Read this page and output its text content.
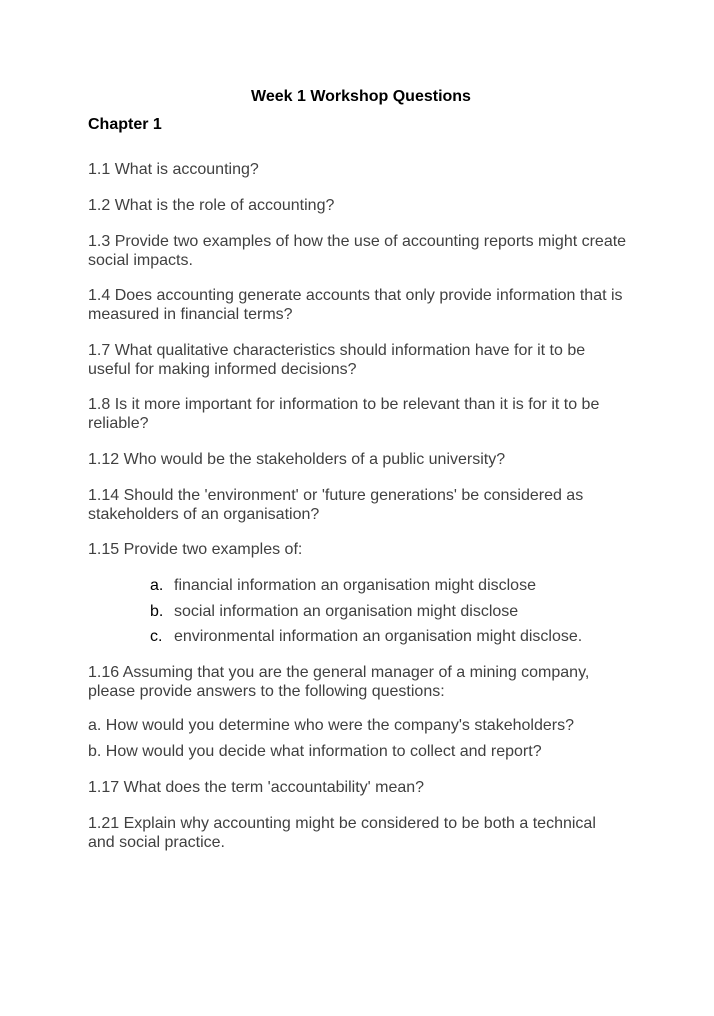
Week 1 Workshop Questions
Chapter 1

1.1 What is accounting?

1.2 What is the role of accounting?

1.3 Provide two examples of how the use of accounting reports might create social impacts.

1.4 Does accounting generate accounts that only provide information that is measured in financial terms?

1.7 What qualitative characteristics should information have for it to be useful for making informed decisions?

1.8 Is it more important for information to be relevant than it is for it to be reliable?

1.12 Who would be the stakeholders of a public university?

1.14 Should the 'environment' or 'future generations' be considered as stakeholders of an organisation?

1.15 Provide two examples of:

a. financial information an organisation might disclose
b. social information an organisation might disclose
c. environmental information an organisation might disclose.

1.16 Assuming that you are the general manager of a mining company, please provide answers to the following questions:

a. How would you determine who were the company's stakeholders?

b. How would you decide what information to collect and report?

1.17 What does the term 'accountability' mean?

1.21 Explain why accounting might be considered to be both a technical and social practice.
